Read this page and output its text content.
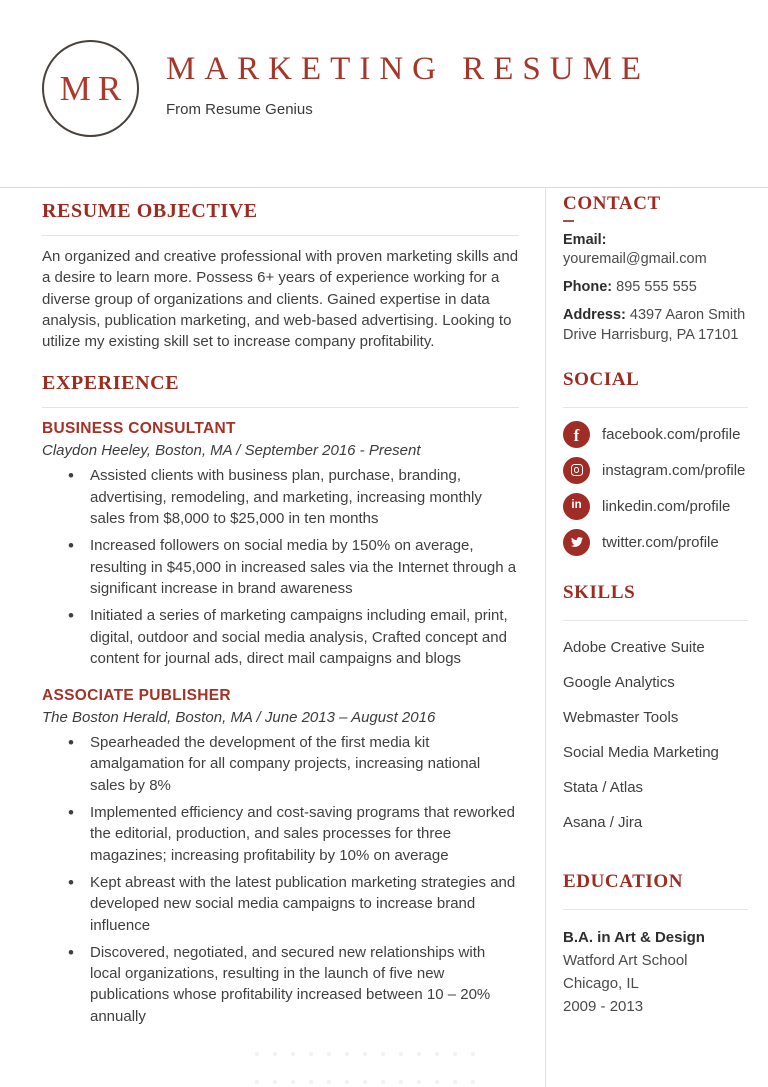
MR MARKETING RESUME
From Resume Genius
RESUME OBJECTIVE

An organized and creative professional with proven marketing skills and a desire to learn more. Possess 6+ years of experience working for a diverse group of organizations and clients. Gained expertise in data analysis, publication marketing, and web-based advertising. Looking to utilize my existing skill set to increase company profitability.

EXPERIENCE
BUSINESS CONSULTANT
Claydon Heeley, Boston, MA / September 2016 - Present
• Assisted clients with business plan, purchase, branding, advertising, remodeling, and marketing, increasing monthly sales from $8,000 to $25,000 in ten months
• Increased followers on social media by 150% on average, resulting in $45,000 in increased sales via the Internet through a significant increase in brand awareness
• Initiated a series of marketing campaigns including email, print, digital, outdoor and social media analysis, Crafted concept and content for journal ads, direct mail campaigns and blogs
ASSOCIATE PUBLISHER
The Boston Herald, Boston, MA / June 2013 – August 2016
• Spearheaded the development of the first media kit amalgamation for all company projects, increasing national sales by 8%
• Implemented efficiency and cost-saving programs that reworked the editorial, production, and sales processes for three magazines; increasing profitability by 10% on average
• Kept abreast with the latest publication marketing strategies and developed new social media campaigns to increase brand influence
• Discovered, negotiated, and secured new relationships with local organizations, resulting in the launch of five new publications whose profitability increased between 10 – 20% annually
CONTACT
Email:
youremail@gmail.com
Phone: 895 555 555
Address: 4397 Aaron Smith Drive Harrisburg, PA 17101
SOCIAL
f facebook.com/profile
instagram.com/profile
in linkedin.com/profile
twitter.com/profile
SKILLS
Adobe Creative Suite
Google Analytics
Webmaster Tools
Social Media Marketing
Stata / Atlas
Asana / Jira
EDUCATION
B.A. in Art & Design
Watford Art School
Chicago, IL
2009 - 2013
